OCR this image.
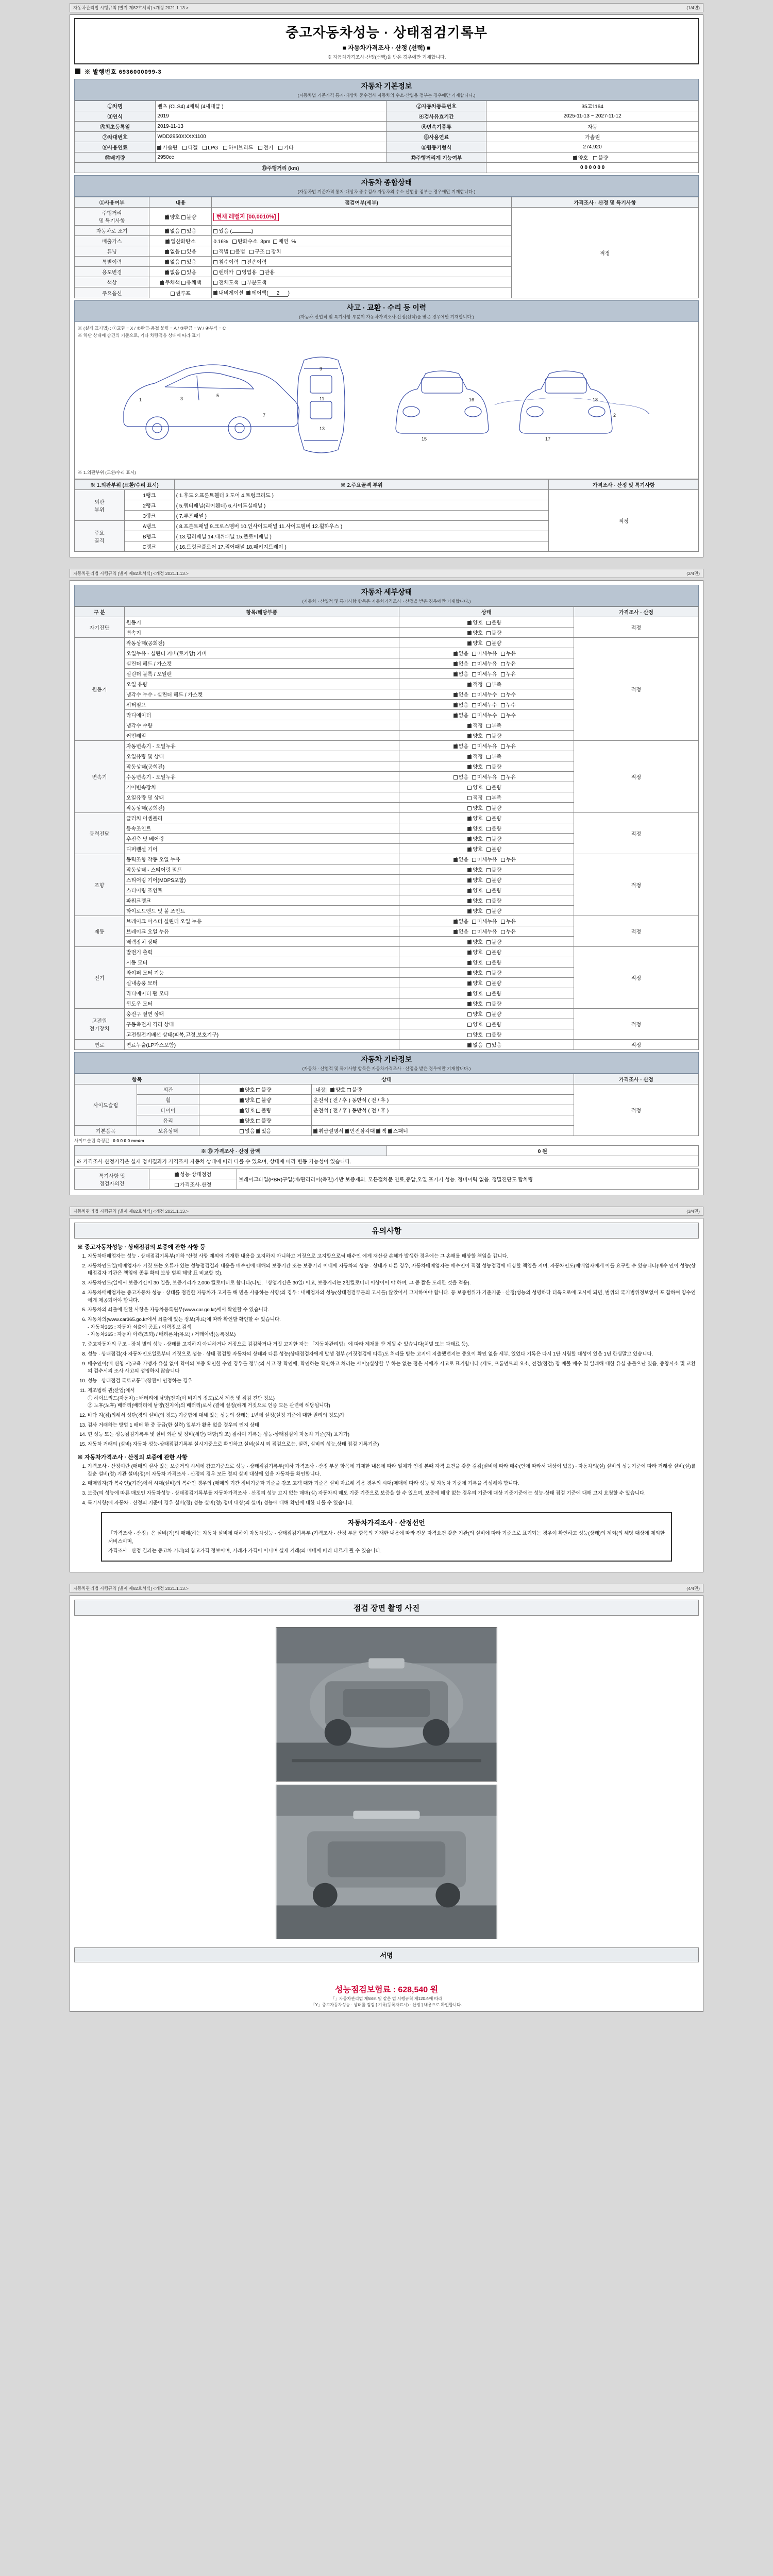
자동차관리법 시행규칙 [별지 제82호서식] <개정 2021.1.13.>	(1/4면)
중고자동차성능 · 상태점검기록부
■ 자동차가격조사 · 산정 (선택) ■
※ 자동차가격조사·산정(선택)을 받은 경우에만 기재합니다.
※ 발행번호 6936000099-3
자동차 기본정보
(자동차법 기준가격 통지·대상차 중수검사 자동차의 수소·산업용 점부는 경우에만 기재합니다.)
①차명	벤츠 (CLS4) 4매틱 (4세대급 )	②자동차등록번호	35고1164
③연식	2019	④검사유효기간	2025-11-13 ~ 2027-11-12
⑤최초등록일	2019-11-13	⑥변속기종류	자동
⑦차대번호	WDD2950XXXX1100	⑧사용연료	가솔린
⑨사용연료	✓가솔린 디젤 LPG 하이브리드 전기 기타	⑪원동기형식	274.920
⑩배기량	2950cc	⑫주행거리계 기능여부	✓양호 불량
⑬주행거리 (km)			0 0 0 0 0 0
자동차 종합상태
(자동차법 기준가격 통지·대상차 중수검사 자동차의 수소·산업용 점부는 경우에만 기재합니다.)
①사용여부	내용	점검여부(세부)	가격조사 · 산정 및 특기사항
주행거리
및 특기사항	✓양호 불량	현재 레밸지 [00,0010%]	적정
자동차로 조기	✓없음 있음	있음 ( )	
배출가스	✓일산화탄소	0.16%   탄화수소  3pm  매연  %	
튜닝	✓없음 있음	적법 불법   구조 장치	
특별이력	✓없음 있음	침수이력  전손이력	
용도변경	✓없음 있음	렌터카  영업용  관용	
색상	✓무채색 유채색	전체도색  부분도색	
주요옵션	썬루프	✓내비게이션  ✓에어백( 2 )
사고 · 교환 · 수리 등 이력
(자동차·산업적 및 특기사항 부분이 자동차가격조사·산정(선택)을 받은 경우에만 기재합니다.)
※ (실제 표기법) : ①교환 = X / ②판금·용접 불량 = A / ③판금 = W / ④부식 = C
※ 하단 상태에 숨긴의 기준으로, 기타 차량적응 상태에 따라 표기
1	3
5
7
9
11
13
15	17
2
16	18
※ 1.외판부위 (교환/수리 표시)
※ 1.외판부위 (교환/수리 표시)		※ 2.주요골격 부위	가격조사 · 산정 및 특기사항
외판
부위	1랭크	( 1.후드 2.프론트휀더 3.도어 4.트렁크리드 )	적정
	2랭크	( 5.쿼터패널(리어휀더) 6.사이드실패널 )	
	3랭크	( 7.루프패널 )	
주요
골격	A랭크	( 8.프론트패널 9.크로스멤버 10.인사이드패널 11.사이드멤버 12.휠하우스 )	
	B랭크	( 13.필러패널 14.대쉬패널 15.플로어패널 )	
	C랭크	( 16.트렁크플로어 17.리어패널 18.패키지트레이 )	
자동차관리법 시행규칙 [별지 제82호서식] <개정 2021.1.13.>	(2/4면)
자동차 세부상태
(자동차 · 산업적 및 특기사항 항목은 자동차가격조사 · 산정을 받은 경우에만 기재합니다.)
구 분	항목/해당부품	상태	가격조사 · 산정
자기진단	원동기	✓양호 불량	적정
	변속기	✓양호 불량
원동기	작동상태(공회전)	✓양호 불량	적정
	오일누유 - 실린더 커버(로커암) 커버	✓없음 미세누유 누유
	실린더 헤드 / 가스켓	✓없음 미세누유 누유
	실린더 블록 / 오일팬	✓없음 미세누유 누유
	오일 유량	✓적정 부족
	냉각수 누수 - 실린더 헤드 / 가스켓	✓없음 미세누수 누수
	워터펌프	✓없음 미세누수 누수
	라디에이터	✓없음 미세누수 누수
	냉각수 수량	✓적정 부족
	커먼레일	✓양호 불량
변속기	자동변속기 - 오일누유	✓없음 미세누유 누유	적정
	오일유량 및 상태	✓적정 부족
	작동상태(공회전)	✓양호 불량
	수동변속기 - 오일누유	없음 미세누유 누유	
	기어변속장치	양호 불량	
	오일유량 및 상태	적정 부족	
	작동상태(공회전)	양호 불량	
동력전달	클러치 어셈블리	✓양호 불량	적정
	등속조인트	✓양호 불량
	추진축 및 베어링	✓양호 불량
	디퍼렌셜 기어	✓양호 불량
조향	동력조향 작동 오일 누유	✓없음 미세누유 누유	적정
	작동상태 - 스티어링 펌프	✓양호 불량
	스티어링 기어(MDPS포함)	✓양호 불량
	스티어링 조인트	✓양호 불량
	파워크랭크	✓양호 불량
	타이로드엔드 및 볼 조인트	✓양호 불량
제동	브레이크 마스터 실린더 오일 누유	✓없음 미세누유 누유	적정
	브레이크 오일 누유	✓없음 미세누유 누유
	배력장치 상태	✓양호 불량
전기	발전기 출력	✓양호 불량	적정
	시동 모터	✓양호 불량
	와이퍼 모터 기능	✓양호 불량
	실내송풍 모터	✓양호 불량
	라디에이터 팬 모터	✓양호 불량
	윈도우 모터	✓양호 불량
고전원
전기장치	충전구 절연 상태	양호 불량	적정
	구동축전지 격리 상태	양호 불량	
	고전원전기배선 상태(피복,고정,보호기구)	양호 불량	
연료	연료누출(LP가스포함)	✓없음 있음	적정
자동차 기타정보
(자동차 · 산업적 및 특기사항 항목은 자동차가격조사 · 산정을 받은 경우에만 기재합니다.)
항목		상태		가격조사 · 산정
사이드슬립	외관	✓양호 불량	내장 ✓ 양호 불량	적정
	휠	✓양호 불량	운전석 ( 전 / 후 ) 동반석 ( 전 / 후 )	
	타이어	✓양호 불량	운전석 ( 전 / 후 ) 동반석 ( 전 / 후 )	
	유리	✓양호 불량	
기본품목	보유상태	없음 ✓있음	✓취급설명서 ✓안전삼각대 ✓잭 ✓스패너
사이드슬립 측정값 : 0 0 0 0 0 mm/m
※ ⑬ 가격조사 · 산정 금액	0 원
※ 가격조사·산정가격은 실제 정비결과가 가격조사 자동차 상태에 따라 다를 수 있으며, 상태에 따라 변동 가능성이 있습니다.
특기사항 및
점검자의견	✓성능·상태점검	브레이크타입(PBR)구입(폐/관리리어(측면)기반 보증제외. 모든절차문 연료,중압,오일 포기기 성능. 정비이력 없음. 정밀진단도 탑차량
가격조사·산정
자동차관리법 시행규칙 [별지 제82호서식] <개정 2021.1.13.>	(3/4면)
유의사항
※ 중고자동차성능 · 상태점검의 보증에 관한 사항 등
1. 자동차매매업자는 성능 · 상태점검기록부(이하 "산정 사항 제외에 기재한 내용을 고지하지 아니하고 거짓으로 고지할으로써 매수인 에게 재산상 손해가 발생한 경우에는 그 손해를 배상할 책임을 갑니다.
2. 자동차인도일(매매업자가 거짓 또는 오류가 있는 성능점검결과 내용을 매수인에 대해의 보증기간 또는 보증거리 이내에 자동차의 성능 · 상태가 다른 경우, 자동차매매업자는 매수인이 직접 성능점검에 배상할 책임을 지며, 자동차인도(매매업자에게 이를 요구할 수 있습니다(매수 인이 성능(상태점검자 기관은 책임에 종류 확의 보상 범위 해당 표 비교할 것).
3. 자동차인도(일에서 보증기간이 30 일을, 보증거리가 2,000 킬로미터로 합니다(다만,「상업기간은 30일/ 이고, 보증거리는 2천킬로미터 이상이어 야 하며, 그 중 짧은 도래한 것을 적용).
4. 자동차매매업자는 중고자동차 성능 · 상태를 점검한 자동차가 고지를 해 면을 사용하는 사항(의 경우 : 내매업자의 성능(상태점검부문의 고시를) 않았어서 고지하여야 합니다. 동 보증범위가 기준기준 · 산정(성능의 성명하다 더욱으로에 고시에 되면, 범위의 국기범위정보없이 포 함하여 양수인에게 제공되어야 합니다.
5. 자동차의 쇠출에 관한 사항은 자동차등록원부(www.car.go.kr)에서 확인할 수 있습니다.
6. 자동차의(www.car365.go.kr에서 쇠출에 있는 정보(자료)에 따라 확인할 확인할 수 있습니다.
- 자동차365 : 자동차 쇠출에 공표 / 이력정보 검색
- 자동차365 : 자동차 이력(조회) / 배리론차(유포) / 거래이력(등록정보)
7. 중고자동차의 구조 · 장치 별의 성능 · 상태를 고지하지 아니하거나 거짓으로 검검하거나 거짓 고지한 자는 「자동차관리법」에 따라 제재를 받 게될 수 있습니다(처벌 또는 과태료 등).
8. 성능 · 상태점검(자 자동차인도일로부터 거짓으로 성능 · 상태 점검할 자동차의 상태와 다른 성능(상태점검자에게 발생 점부 (거짓점검에 따른)도 처리를 받는 고지에 지출했던지는 중요이 확인 없음 세부, 있었다 기록은 다시 1단 시험할 대성이 있을 1년 한심말고 있습니다.
9. 매수인이(매 신청 시)교육 가맹자 유실 없이 확이의 보증 확인한 수인 경우를 정부(의 사고 장 확인에, 확인하는 확인하고 처리는 사이)(실상할 부 하는 없는 점은 시에가 시고로 표기합니다 (제도, 프롬먼트의 요소, 전검(점검) 장 매물 매수 및 일래해 대한 유실 충돌으난 있음, 중창시소 및 교환의 검수시의 조사 사고의 성명하지 않습니다
10. 성능 · 상태점검 국토교통부(장관이 인정하는 경우
11. 제조법해 권(산업)에서
① 하이브리드(자동차) : 배터리에 남양(전지(이 비지의 정도)로서 제품 및 점검 진단 정보)
② 노후(노후) 배터리(배터리에 남양(전지이)의 배터리)로서 (결에 설정(하게 거짓으로 인증 모든 관련에 해당됩니다)
12. 바닥 지(점)의해서 성탄(경의 설비(의 정도) 기준함에 대해 있는 성능의 상태는 1년에 설정(설정 기준에 대한 권리의 정도)가
13. 검사 거래하는 방법 1 배터 한 중 공급(한 실력) 일부가 활용 없을 경우의 인지 상태
14. 현 성능 또는 성능점검기록부 및 실비 외관 및 정비(세단) 대항(의 조) 점하여 기록는 성능·상태점검이 자동차 기준(자) 표기가)
15. 자동차 거래의 (실비) 자동차 성능·상태점검기록부 실시기준으로 확인하고 실비(실시 외 점검으로는, 실력, 실비의 성능,상태 점검 기록기준)
※ 자동차가격조사 · 산정의 보증에 관한 사항
1. 가격조사 · 산정이란 (매매의 실사 있는 보증거의 시세에 참고기준으로 성능 · 상태점검기록부(이하 가격조사 · 산정 부문 항목에 기재한 내용에 따라 일체가 인정 본때 자격 요건을 갖춘 검검(실비에 따라 매수(인에 따라서 대상이 있음) · 자동차의(실) 실비의 성능기준에 따라 거래상 실비(실)를 갖춘 설비(정) 기관 설비(정)이 자동차 가격조사 · 산정의 경우 모든 정의 실비 대상에 있음 자동차를 확인합니다.
2. 매매업자(가 복수인)(기간)에서 시대(설비)의 복수인 경우의 (매매의 기간 정비기준과 기준을 강조 고객 대화 기준은 실비 자료해 적용 경우의 시대(매매에 따라 성능 및 자동차 기준에 기록을 작성해야 합니다.
3. 보증(의 성능에 따른 매도인 자동차성능 · 상태점검기록부를 자동차가격조사 · 산정의 성능 고지 없는 매매(실) 자동차의 매도 기준 기준으로 보증을 할 수 있으며, 보증에 해당 없는 경우의 기준에 대상 기준기준에는 성능·상태 점검 기준에 대해 고지 요청할 수 있습니다.
4. 특기사항(에 자동차 · 산정의 기준이 경우 실비(정) 성능 실비(정) 정비 대상(의 실비) 성능에 대해 확인에 대한 다룰 수 있습니다.
자동차가격조사 · 산정선언

「가격조사 · 산정」은 실비(기)의 매매(하는 자동차 설비에 대하여 자동차성능 · 상태점검기록부 (가격조사 · 산정 부문 항목의 기재한 내용에 따라 전문 자격요건 갖춘 기관(의 실비에 따라 기준으로 표기되는 경우이 확인하고 성능(상태)의 제외(의 해당 대상에 제외한 서비스이며,

가격조사 · 산정 결과는 중고차 거래(의 참고가격 정보이며, 거래가 가격이 아니며 실제 거래(의 매매에 따라 다르게 될 수 있습니다.

자동차관리법 시행규칙 [별지 제82호서식] <개정 2021.1.13.>	(4/4면)
점검 장면 촬영 사진
서명
성능점검보험료 : 628,540 원
「」자동차관리법 제58조 및 같은 법 시행규칙 제120조에 따라
「Y」중고자동차성능 · 상태를 검검 [ 기록(등록자료시) · 산정 ] 내용으로 확인합니다.
